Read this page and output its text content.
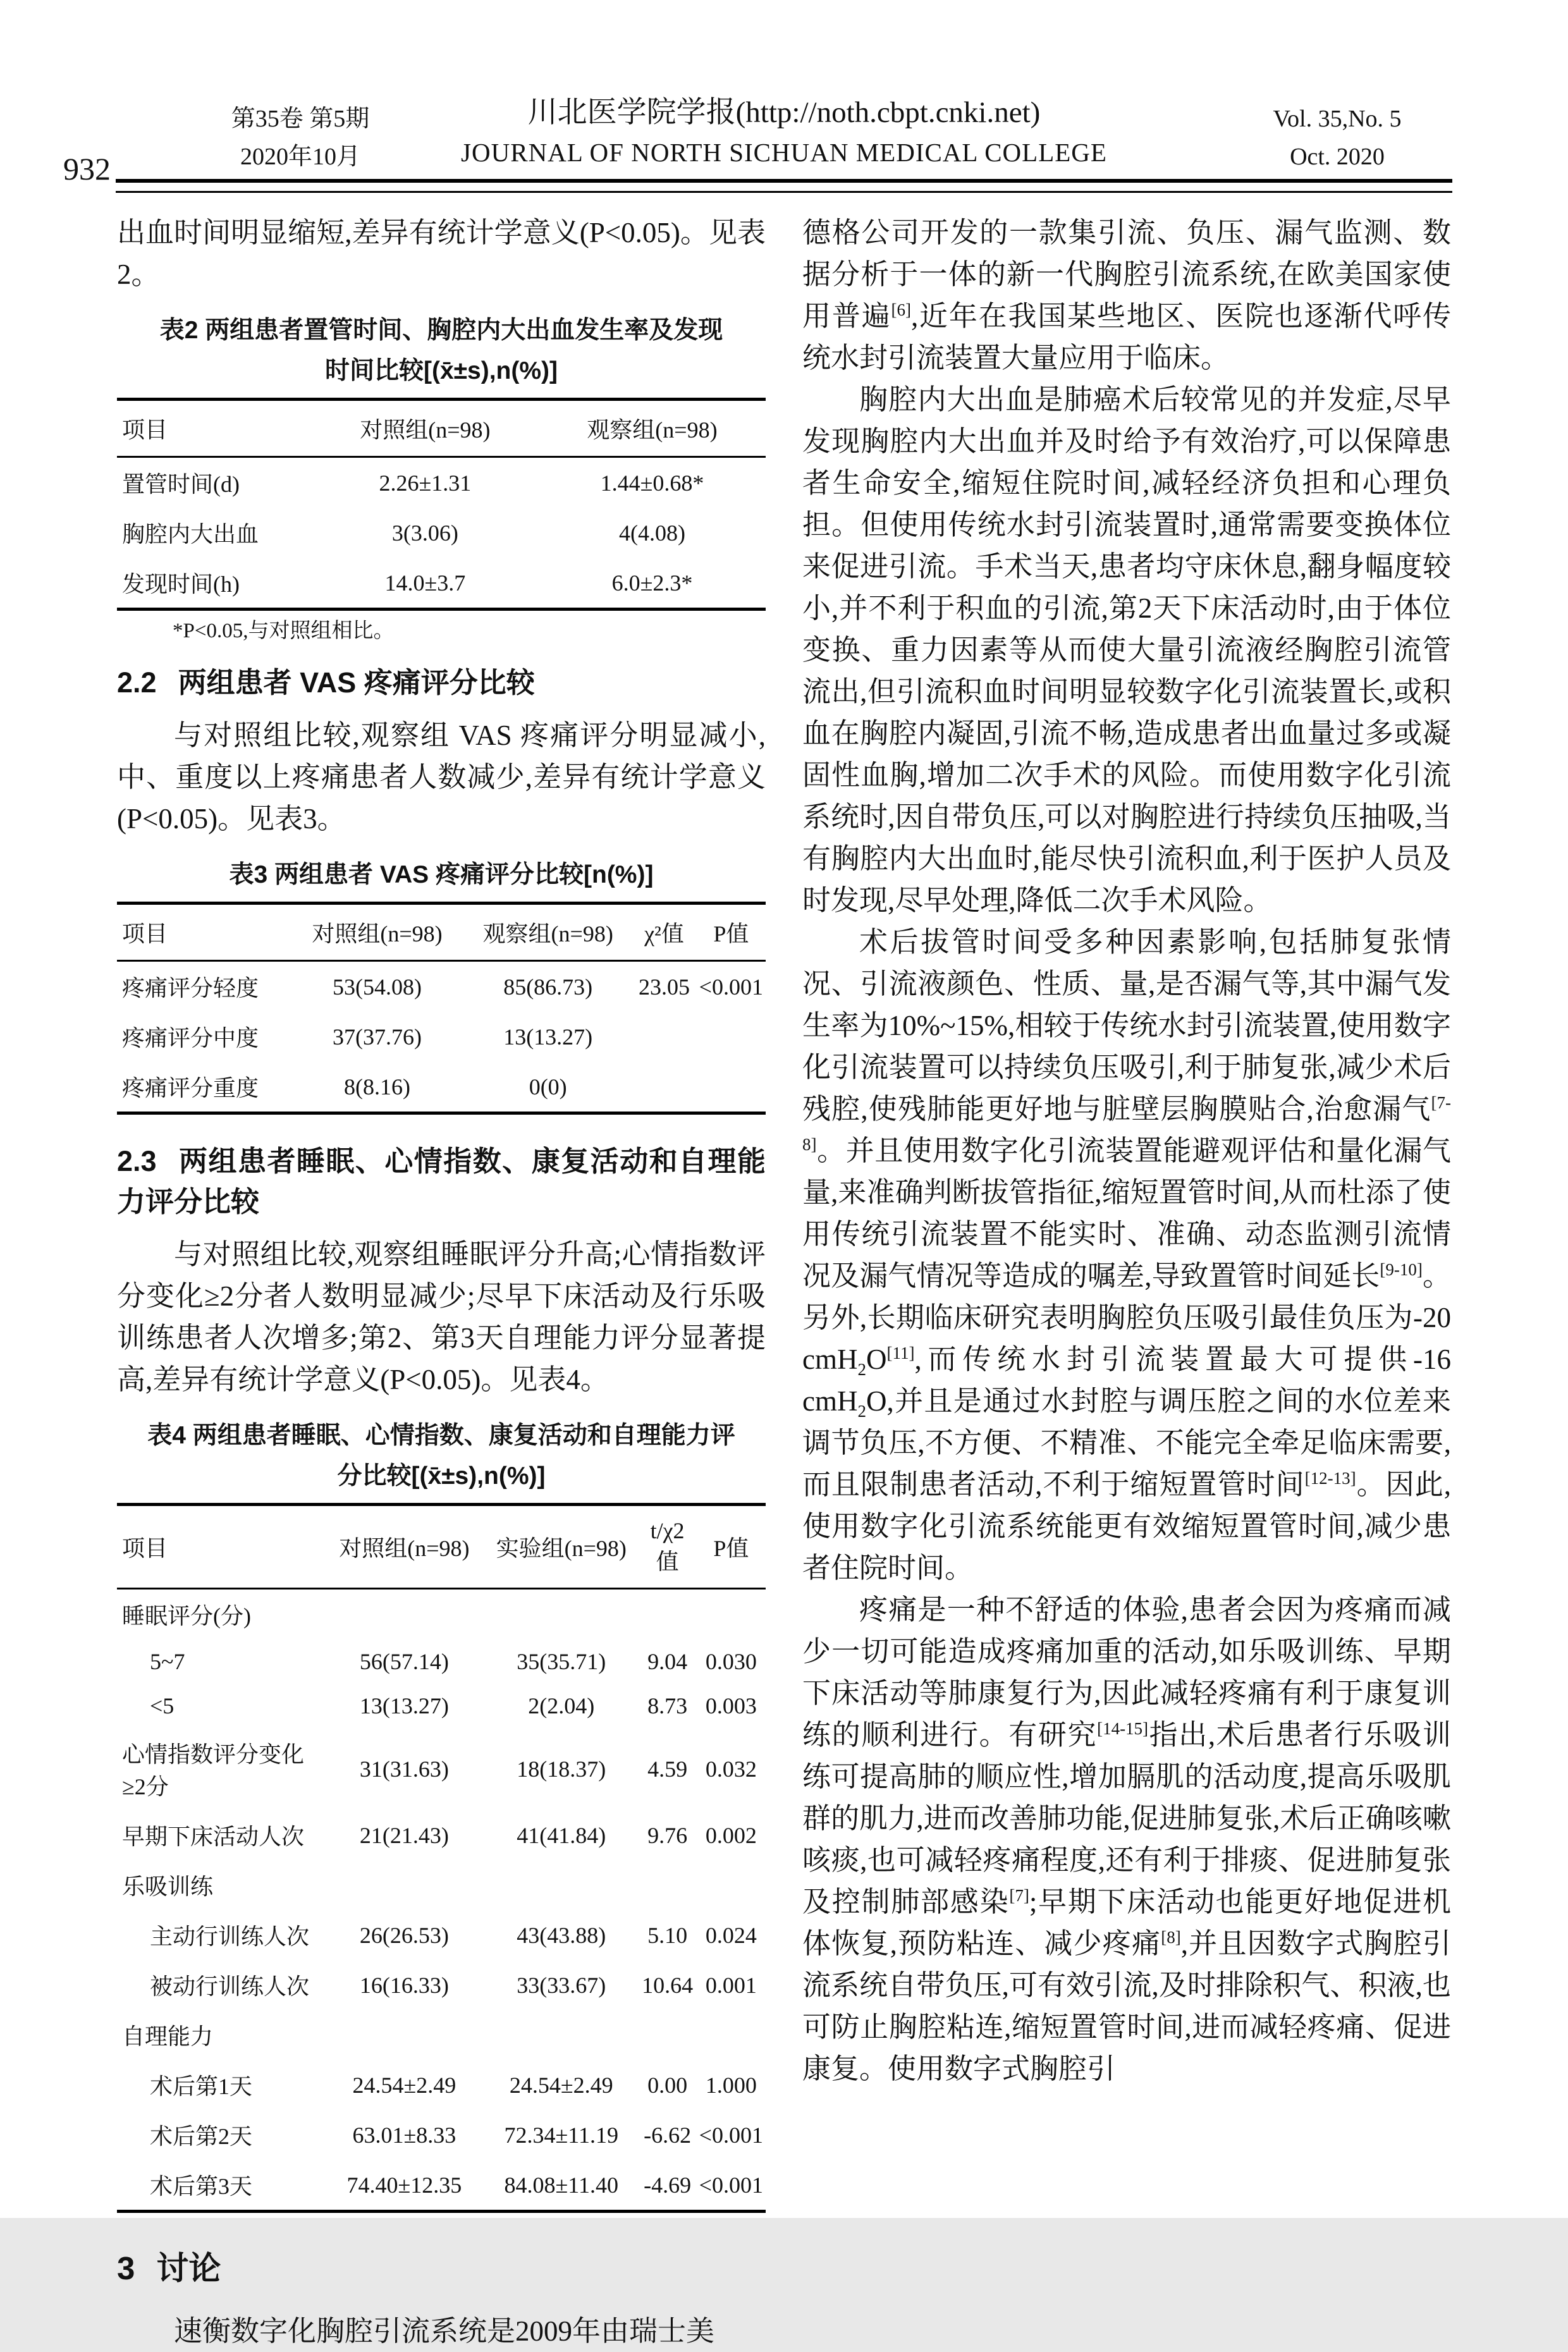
932
第35卷 第5期
2020年10月
川北医学院学报(http://noth.cbpt.cnki.net)
JOURNAL OF NORTH SICHUAN MEDICAL COLLEGE
Vol. 35,No. 5
Oct. 2020

出血时间明显缩短,差异有统计学意义(P<0.05)。见表2。

表2 两组患者置管时间、胸腔内大出血发生率及发现
时间比较[(x̄±s),n(%)]
项目	对照组(n=98)	观察组(n=98)
置管时间(d)	2.26±1.31	1.44±0.68*
胸腔内大出血	3(3.06)	4(4.08)
发现时间(h)	14.0±3.7	6.0±2.3*
*P<0.05,与对照组相比。
2.2 两组患者 VAS 疼痛评分比较

与对照组比较,观察组 VAS 疼痛评分明显减小,中、重度以上疼痛患者人数减少,差异有统计学意义(P<0.05)。见表3。

表3 两组患者 VAS 疼痛评分比较[n(%)]
项目	对照组(n=98)	观察组(n=98)	χ²值	P值
疼痛评分轻度	53(54.08)	85(86.73)	23.05	<0.001
疼痛评分中度	37(37.76)	13(13.27)		
疼痛评分重度	8(8.16)	0(0)		
2.3 两组患者睡眠、心情指数、康复活动和自理能力评分比较

与对照组比较,观察组睡眠评分升高;心情指数评分变化≥2分者人数明显减少;尽早下床活动及行乐吸训练患者人次增多;第2、第3天自理能力评分显著提高,差异有统计学意义(P<0.05)。见表4。

表4 两组患者睡眠、心情指数、康复活动和自理能力评
分比较[(x̄±s),n(%)]
项目	对照组(n=98)	实验组(n=98)	t/χ2值	P值
睡眠评分(分)				
5~7	56(57.14)	35(35.71)	9.04	0.030
<5	13(13.27)	2(2.04)	8.73	0.003
心情指数评分变化≥2分	31(31.63)	18(18.37)	4.59	0.032
早期下床活动人次	21(21.43)	41(41.84)	9.76	0.002
乐吸训练				
主动行训练人次	26(26.53)	43(43.88)	5.10	0.024
被动行训练人次	16(16.33)	33(33.67)	10.64	0.001
自理能力				
术后第1天	24.54±2.49	24.54±2.49	0.00	1.000
术后第2天	63.01±8.33	72.34±11.19	-6.62	<0.001
术后第3天	74.40±12.35	84.08±11.40	-4.69	<0.001
3 讨论

速衡数字化胸腔引流系统是2009年由瑞士美

德格公司开发的一款集引流、负压、漏气监测、数据分析于一体的新一代胸腔引流系统,在欧美国家使用普遍[6],近年在我国某些地区、医院也逐渐代呼传统水封引流装置大量应用于临床。

胸腔内大出血是肺癌术后较常见的并发症,尽早发现胸腔内大出血并及时给予有效治疗,可以保障患者生命安全,缩短住院时间,减轻经济负担和心理负担。但使用传统水封引流装置时,通常需要变换体位来促进引流。手术当天,患者均守床休息,翻身幅度较小,并不利于积血的引流,第2天下床活动时,由于体位变换、重力因素等从而使大量引流液经胸腔引流管流出,但引流积血时间明显较数字化引流装置长,或积血在胸腔内凝固,引流不畅,造成患者出血量过多或凝固性血胸,增加二次手术的风险。而使用数字化引流系统时,因自带负压,可以对胸腔进行持续负压抽吸,当有胸腔内大出血时,能尽快引流积血,利于医护人员及时发现,尽早处理,降低二次手术风险。

术后拔管时间受多种因素影响,包括肺复张情况、引流液颜色、性质、量,是否漏气等,其中漏气发生率为10%~15%,相较于传统水封引流装置,使用数字化引流装置可以持续负压吸引,利于肺复张,减少术后残腔,使残肺能更好地与脏壁层胸膜贴合,治愈漏气[7-8]。并且使用数字化引流装置能避观评估和量化漏气量,来准确判断拔管指征,缩短置管时间,从而杜添了使用传统引流装置不能实时、准确、动态监测引流情况及漏气情况等造成的嘱差,导致置管时间延长[9-10]。另外,长期临床研究表明胸腔负压吸引最佳负压为-20 cmH$_2$O[11],而传统水封引流装置最大可提供-16 cmH$_2$O,并且是通过水封腔与调压腔之间的水位差来调节负压,不方便、不精准、不能完全牵足临床需要,而且限制患者活动,不利于缩短置管时间[12-13]。因此,使用数字化引流系统能更有效缩短置管时间,减少患者住院时间。

疼痛是一种不舒适的体验,患者会因为疼痛而减少一切可能造成疼痛加重的活动,如乐吸训练、早期下床活动等肺康复行为,因此减轻疼痛有利于康复训练的顺利进行。有研究[14-15]指出,术后患者行乐吸训练可提高肺的顺应性,增加膈肌的活动度,提高乐吸肌群的肌力,进而改善肺功能,促进肺复张,术后正确咳嗽咳痰,也可减轻疼痛程度,还有利于排痰、促进肺复张及控制肺部感染[7];早期下床活动也能更好地促进机体恢复,预防粘连、减少疼痛[8],并且因数字式胸腔引流系统自带负压,可有效引流,及时排除积气、积液,也可防止胸腔粘连,缩短置管时间,进而减轻疼痛、促进康复。使用数字式胸腔引
